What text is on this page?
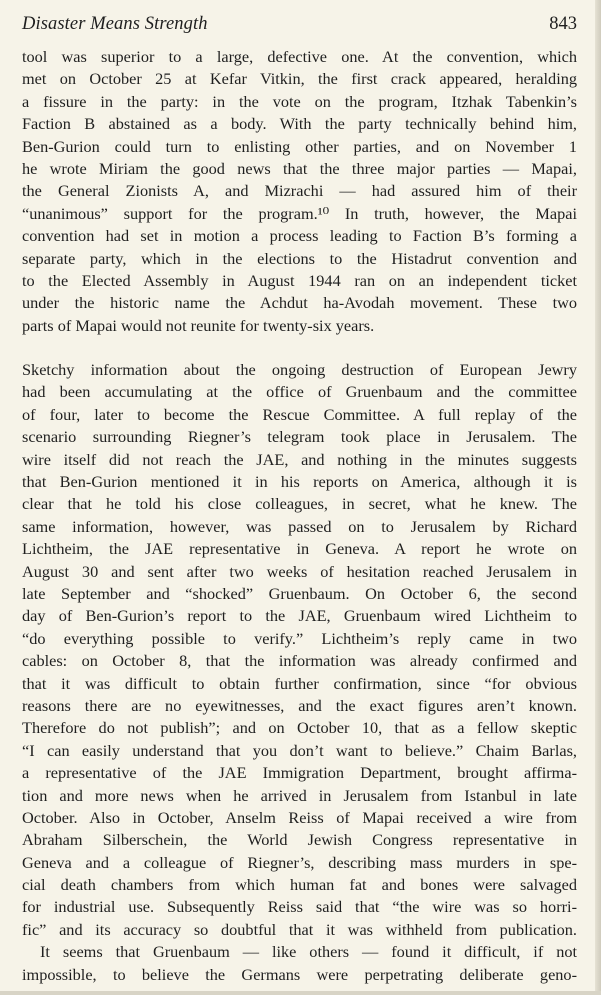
Disaster Means Strength	843
tool was superior to a large, defective one. At the convention, which
met on October 25 at Kefar Vitkin, the first crack appeared, heralding
a fissure in the party: in the vote on the program, Itzhak Tabenkin’s
Faction B abstained as a body. With the party technically behind him,
Ben-Gurion could turn to enlisting other parties, and on November 1
he wrote Miriam the good news that the three major parties — Mapai,
the General Zionists A, and Mizrachi — had assured him of their
“unanimous” support for the program.¹⁰ In truth, however, the Mapai
convention had set in motion a process leading to Faction B’s forming a
separate party, which in the elections to the Histadrut convention and
to the Elected Assembly in August 1944 ran on an independent ticket
under the historic name the Achdut ha-Avodah movement. These two
parts of Mapai would not reunite for twenty-six years.
Sketchy information about the ongoing destruction of European Jewry
had been accumulating at the office of Gruenbaum and the committee
of four, later to become the Rescue Committee. A full replay of the
scenario surrounding Riegner’s telegram took place in Jerusalem. The
wire itself did not reach the JAE, and nothing in the minutes suggests
that Ben-Gurion mentioned it in his reports on America, although it is
clear that he told his close colleagues, in secret, what he knew. The
same information, however, was passed on to Jerusalem by Richard
Lichtheim, the JAE representative in Geneva. A report he wrote on
August 30 and sent after two weeks of hesitation reached Jerusalem in
late September and “shocked” Gruenbaum. On October 6, the second
day of Ben-Gurion’s report to the JAE, Gruenbaum wired Lichtheim to
“do everything possible to verify.” Lichtheim’s reply came in two
cables: on October 8, that the information was already confirmed and
that it was difficult to obtain further confirmation, since “for obvious
reasons there are no eyewitnesses, and the exact figures aren’t known.
Therefore do not publish”; and on October 10, that as a fellow skeptic
“I can easily understand that you don’t want to believe.” Chaim Barlas,
a representative of the JAE Immigration Department, brought affirma-
tion and more news when he arrived in Jerusalem from Istanbul in late
October. Also in October, Anselm Reiss of Mapai received a wire from
Abraham Silberschein, the World Jewish Congress representative in
Geneva and a colleague of Riegner’s, describing mass murders in spe-
cial death chambers from which human fat and bones were salvaged
for industrial use. Subsequently Reiss said that “the wire was so horri-
fic” and its accuracy so doubtful that it was withheld from publication.
It seems that Gruenbaum — like others — found it difficult, if not
impossible, to believe the Germans were perpetrating deliberate geno-
